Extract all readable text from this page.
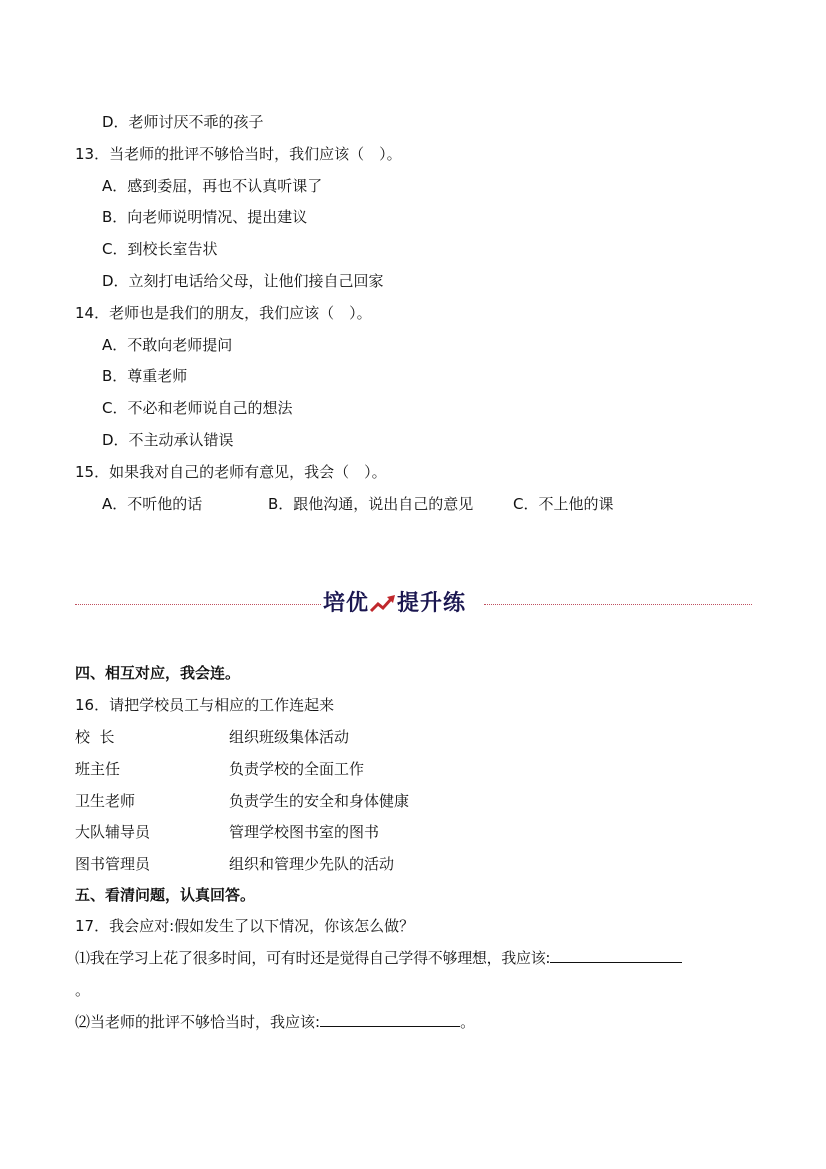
D．老师讨厌不乖的孩子
13．当老师的批评不够恰当时，我们应该（　）。
A．感到委屈，再也不认真听课了
B．向老师说明情况、提出建议
C．到校长室告状
D．立刻打电话给父母，让他们接自己回家
14．老师也是我们的朋友，我们应该（　）。
A．不敢向老师提问
B．尊重老师
C．不必和老师说自己的想法
D．不主动承认错误
15．如果我对自己的老师有意见，我会（　）。
A．不听他的话	B．跟他沟通，说出自己的意见	C．不上他的课
培优 提升练
四、相互对应，我会连。
16．请把学校员工与相应的工作连起来
校  长	组织班级集体活动
班主任	负责学校的全面工作
卫生老师	负责学生的安全和身体健康
大队辅导员	管理学校图书室的图书
图书管理员	组织和管理少先队的活动
五、看清问题，认真回答。
17．我会应对:假如发生了以下情况，你该怎么做？
⑴我在学习上花了很多时间，可有时还是觉得自己学得不够理想，我应该:
。
⑵当老师的批评不够恰当时，我应该:	。
